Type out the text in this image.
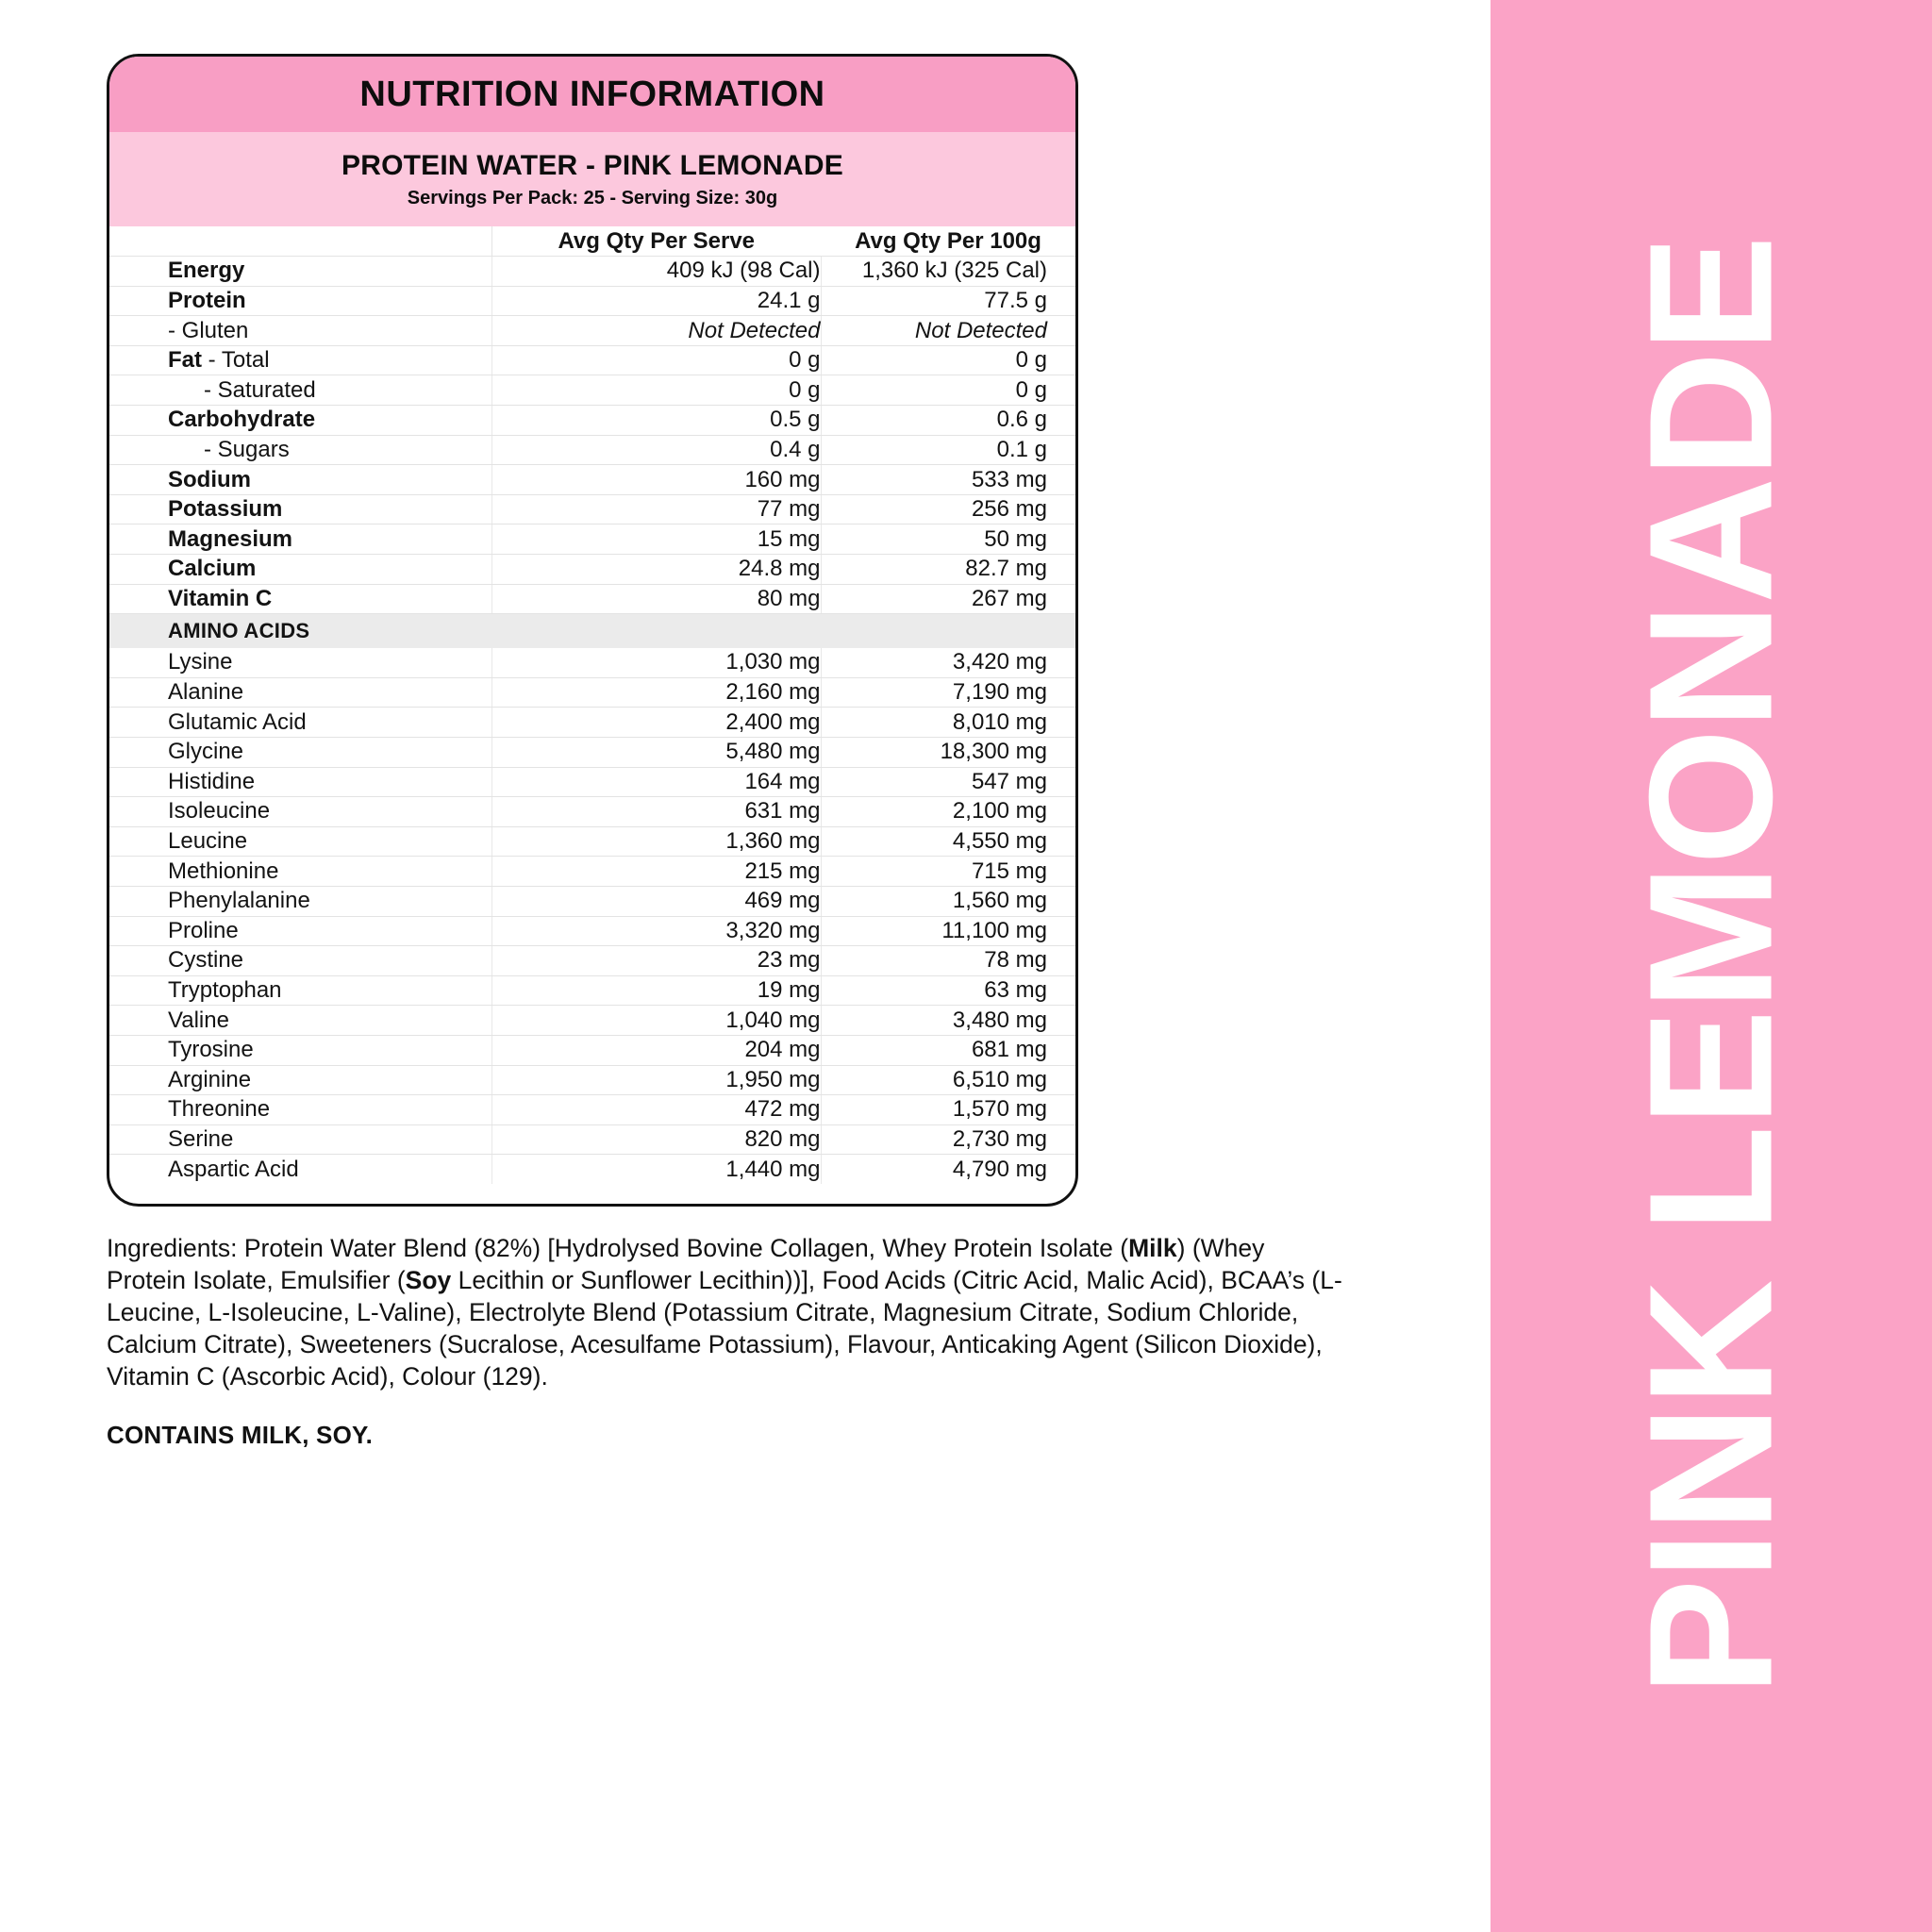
PINK LEMONADE
NUTRITION INFORMATION
PROTEIN WATER - PINK LEMONADE
Servings Per Pack: 25 - Serving Size: 30g
	Avg Qty Per Serve	Avg Qty Per 100g
Energy	409 kJ (98 Cal)	1,360 kJ (325 Cal)
Protein	24.1 g	77.5 g
- Gluten	Not Detected	Not Detected
Fat - Total	0 g	0 g
- Saturated	0 g	0 g
Carbohydrate	0.5 g	0.6 g
- Sugars	0.4 g	0.1 g
Sodium	160 mg	533 mg
Potassium	77 mg	256 mg
Magnesium	15 mg	50 mg
Calcium	24.8 mg	82.7 mg
Vitamin C	80 mg	267 mg
AMINO ACIDS		
Lysine	1,030 mg	3,420 mg
Alanine	2,160 mg	7,190 mg
Glutamic Acid	2,400 mg	8,010 mg
Glycine	5,480 mg	18,300 mg
Histidine	164 mg	547 mg
Isoleucine	631 mg	2,100 mg
Leucine	1,360 mg	4,550 mg
Methionine	215 mg	715 mg
Phenylalanine	469 mg	1,560 mg
Proline	3,320 mg	11,100 mg
Cystine	23 mg	78 mg
Tryptophan	19 mg	63 mg
Valine	1,040 mg	3,480 mg
Tyrosine	204 mg	681 mg
Arginine	1,950 mg	6,510 mg
Threonine	472 mg	1,570 mg
Serine	820 mg	2,730 mg
Aspartic Acid	1,440 mg	4,790 mg
Ingredients: Protein Water Blend (82%) [Hydrolysed Bovine Collagen, Whey Protein Isolate (Milk) (Whey Protein Isolate, Emulsifier (Soy Lecithin or Sunflower Lecithin))], Food Acids (Citric Acid, Malic Acid), BCAA’s (L-Leucine, L-Isoleucine, L-Valine), Electrolyte Blend (Potassium Citrate, Magnesium Citrate, Sodium Chloride, Calcium Citrate), Sweeteners (Sucralose, Acesulfame Potassium), Flavour, Anticaking Agent (Silicon Dioxide), Vitamin C (Ascorbic Acid), Colour (129).
CONTAINS MILK, SOY.
